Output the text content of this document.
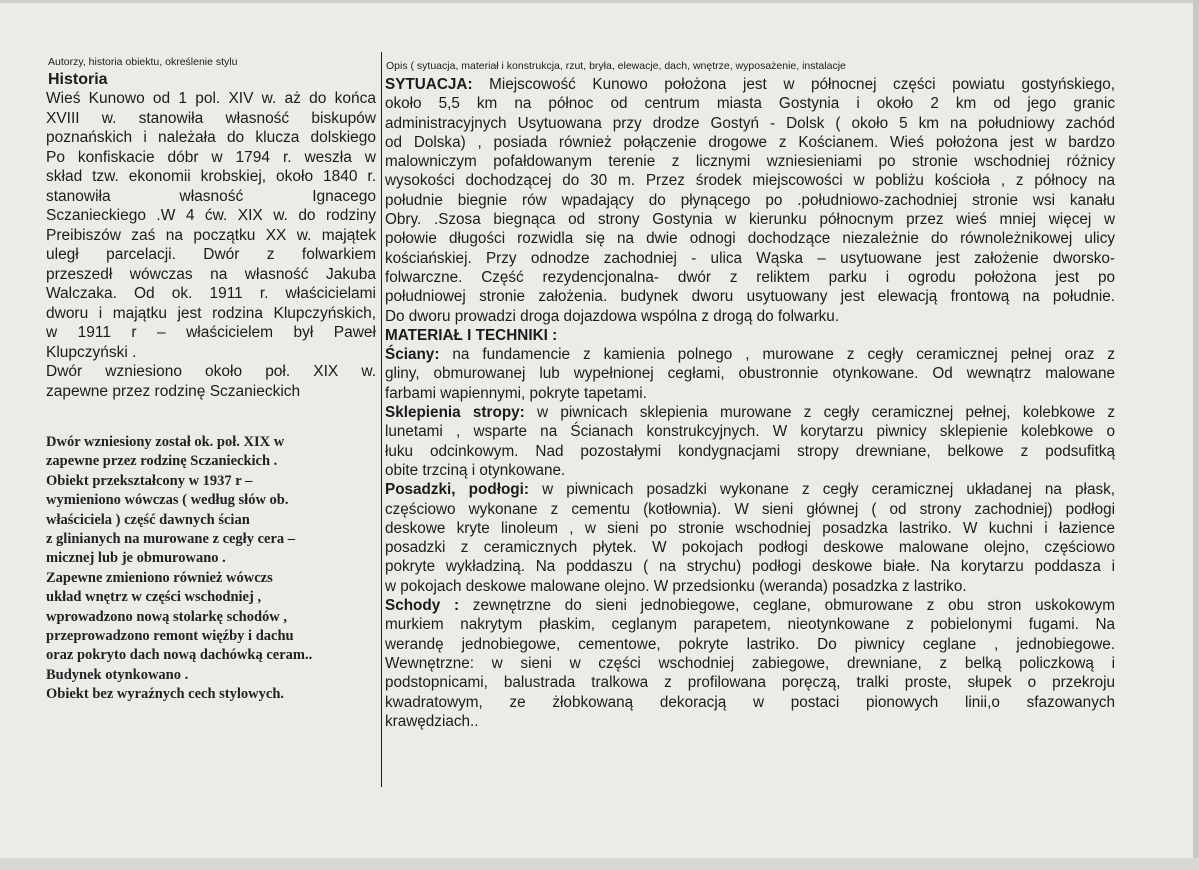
Autorzy, historia obiektu, określenie stylu
Historia
Wieś Kunowo od 1 pol. XIV w. aż do końca
XVIII w. stanowiła własność biskupów
poznańskich i należała do klucza dolskiego
Po konfiskacie dóbr w 1794 r. weszła w
skład tzw. ekonomii krobskiej, około 1840 r.
stanowiła własność Ignacego
Sczanieckiego .W 4 ćw. XIX w. do rodziny
Preibiszów zaś na początku XX w. majątek
uległ parcelacji. Dwór z folwarkiem
przeszedł wówczas na własność Jakuba
Walczaka. Od ok. 1911 r. właścicielami
dworu i majątku jest rodzina Klupczyńskich,
w 1911 r – właścicielem był Paweł
Klupczyński .
Dwór wzniesiono około poł. XIX w.
zapewne przez rodzinę Sczanieckich
Dwór wzniesiony został ok. poł. XIX w
zapewne przez rodzinę Sczanieckich .
Obiekt przekształcony w 1937 r –
wymieniono wówczas ( według słów ob.
właściciela ) część dawnych ścian
z glinianych na murowane z cegły cera –
micznej lub je obmurowano .
Zapewne zmieniono również wówczs
układ wnętrz w części wschodniej ,
wprowadzono nową stolarkę schodów ,
przeprowadzono remont więźby i dachu
oraz pokryto dach nową dachówką ceram..
Budynek otynkowano .
Obiekt bez wyraźnych cech stylowych.
Opis ( sytuacja, materiał i konstrukcja, rzut, bryła, elewacje, dach, wnętrze, wyposażenie, instalacje
SYTUACJA: Miejscowość Kunowo położona jest w północnej części powiatu gostyńskiego,
około 5,5 km na północ od centrum miasta Gostynia i około 2 km od jego granic
administracyjnych Usytuowana przy drodze Gostyń - Dolsk ( około 5 km na południowy zachód
od Dolska) , posiada również połączenie drogowe z Kościanem. Wieś położona jest w bardzo
malowniczym pofałdowanym terenie z licznymi wzniesieniami po stronie wschodniej różnicy
wysokości dochodzącej do 30 m. Przez środek miejscowości w pobliżu kościoła , z północy na
południe biegnie rów wpadający do płynącego po .południowo-zachodniej stronie wsi kanału
Obry. .Szosa biegnąca od strony Gostynia w kierunku północnym przez wieś mniej więcej w
połowie długości rozwidla się na dwie odnogi dochodzące niezależnie do równoleżnikowej ulicy
kościańskiej. Przy odnodze zachodniej - ulica Wąska – usytuowane jest założenie dworsko-
folwarczne. Część rezydencjonalna- dwór z reliktem parku i ogrodu położona jest po
południowej stronie założenia. budynek dworu usytuowany jest elewacją frontową na południe.
Do dworu prowadzi droga dojazdowa wspólna z drogą do folwarku.
MATERIAŁ I TECHNIKI :
Ściany: na fundamencie z kamienia polnego , murowane z cegły ceramicznej pełnej oraz z
gliny, obmurowanej lub wypełnionej cegłami, obustronnie otynkowane. Od wewnątrz malowane
farbami wapiennymi, pokryte tapetami.
Sklepienia stropy: w piwnicach sklepienia murowane z cegły ceramicznej pełnej, kolebkowe z
lunetami , wsparte na Ścianach konstrukcyjnych. W korytarzu piwnicy sklepienie kolebkowe o
łuku odcinkowym. Nad pozostałymi kondygnacjami stropy drewniane, belkowe z podsufitką
obite trzciną i otynkowane.
Posadzki, podłogi: w piwnicach posadzki wykonane z cegły ceramicznej układanej na płask,
częściowo wykonane z cementu (kotłownia). W sieni głównej ( od strony zachodniej) podłogi
deskowe kryte linoleum , w sieni po stronie wschodniej posadzka lastriko. W kuchni i łazience
posadzki z ceramicznych płytek. W pokojach podłogi deskowe malowane olejno, częściowo
pokryte wykładziną. Na poddaszu ( na strychu) podłogi deskowe białe. Na korytarzu poddasza i
w pokojach deskowe malowane olejno. W przedsionku (weranda) posadzka z lastriko.
Schody : zewnętrzne do sieni jednobiegowe, ceglane, obmurowane z obu stron uskokowym
murkiem nakrytym płaskim, ceglanym parapetem, nieotynkowane z pobielonymi fugami. Na
werandę jednobiegowe, cementowe, pokryte lastriko. Do piwnicy ceglane , jednobiegowe.
Wewnętrzne: w sieni w części wschodniej zabiegowe, drewniane, z belką policzkową i
podstopnicami, balustrada tralkowa z profilowana poręczą, tralki proste, słupek o przekroju
kwadratowym, ze żłobkowaną dekoracją w postaci pionowych linii,o sfazowanych
krawędziach..
